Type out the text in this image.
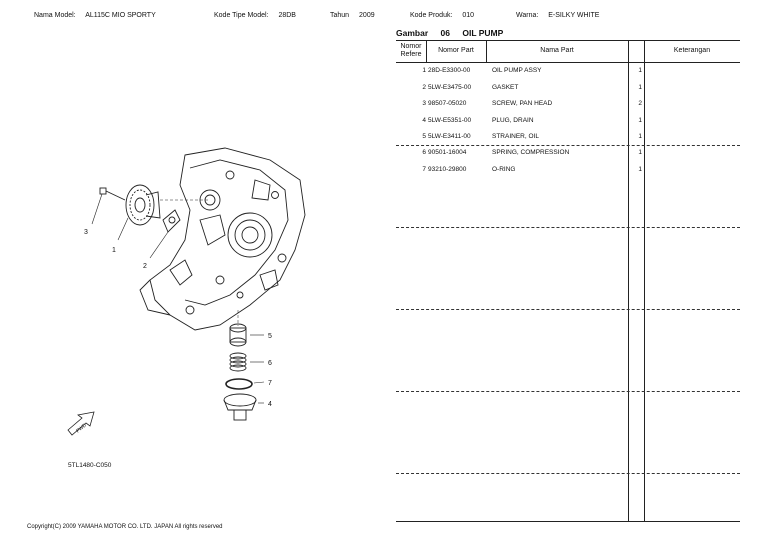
Nama Model: AL115C MIO SPORTY	Kode Tipe Model: 28DB	Tahun 2009	Kode Produk: 010	Warna: E-SILKY WHITE
Gambar 06 OIL PUMP
Nomor Refere
Nomor Part	Nama Part	Keterangan
1 28D-E3300-00	OIL PUMP ASSY	1
2 5LW-E3475-00	GASKET	1
3 98507-05020	SCREW, PAN HEAD	2
4 5LW-E5351-00	PLUG, DRAIN	1
5 5LW-E3411-00	STRAINER, OIL	1
6 90501-16004	SPRING, COMPRESSION	1
7 93210-29800	O-RING	1
1
2
3
4
5
6
7
FWD
5TL1480-C050
Copyright(C) 2009 YAMAHA MOTOR CO. LTD. JAPAN All rights reserved
